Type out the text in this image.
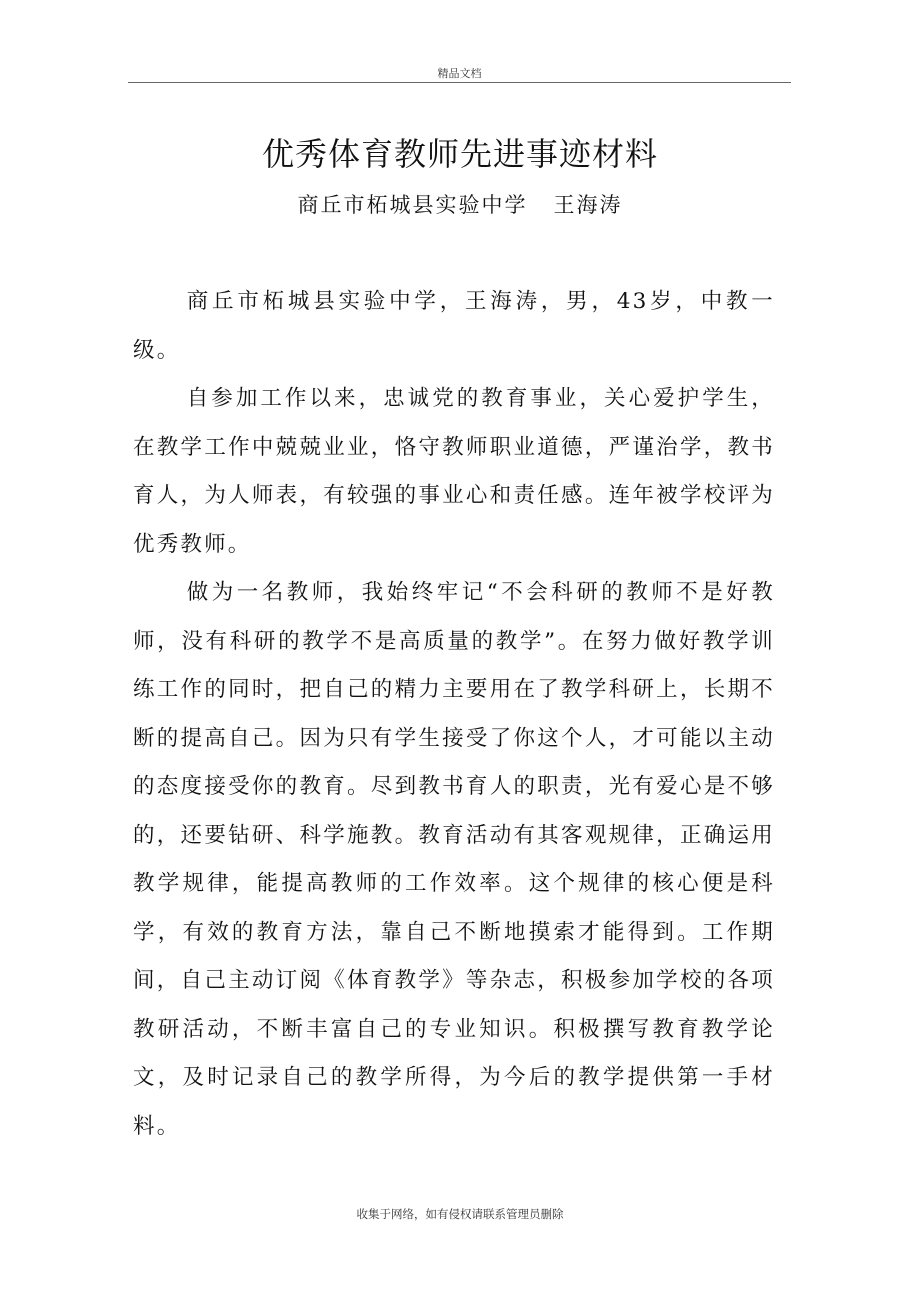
精品文档
优秀体育教师先进事迹材料
商丘市柘城县实验中学   王海涛

商丘市柘城县实验中学，王海涛，男，43岁，中教一级。

自参加工作以来，忠诚党的教育事业，关心爱护学生，在教学工作中兢兢业业，恪守教师职业道德，严谨治学，教书育人，为人师表，有较强的事业心和责任感。连年被学校评为优秀教师。

做为一名教师，我始终牢记“不会科研的教师不是好教师，没有科研的教学不是高质量的教学”。在努力做好教学训练工作的同时，把自己的精力主要用在了教学科研上，长期不断的提高自己。因为只有学生接受了你这个人，才可能以主动的态度接受你的教育。尽到教书育人的职责，光有爱心是不够的，还要钻研、科学施教。教育活动有其客观规律，正确运用教学规律，能提高教师的工作效率。这个规律的核心便是科学，有效的教育方法，靠自己不断地摸索才能得到。工作期间，自己主动订阅《体育教学》等杂志，积极参加学校的各项教研活动，不断丰富自己的专业知识。积极撰写教育教学论文，及时记录自己的教学所得，为今后的教学提供第一手材料。

收集于网络，如有侵权请联系管理员删除
